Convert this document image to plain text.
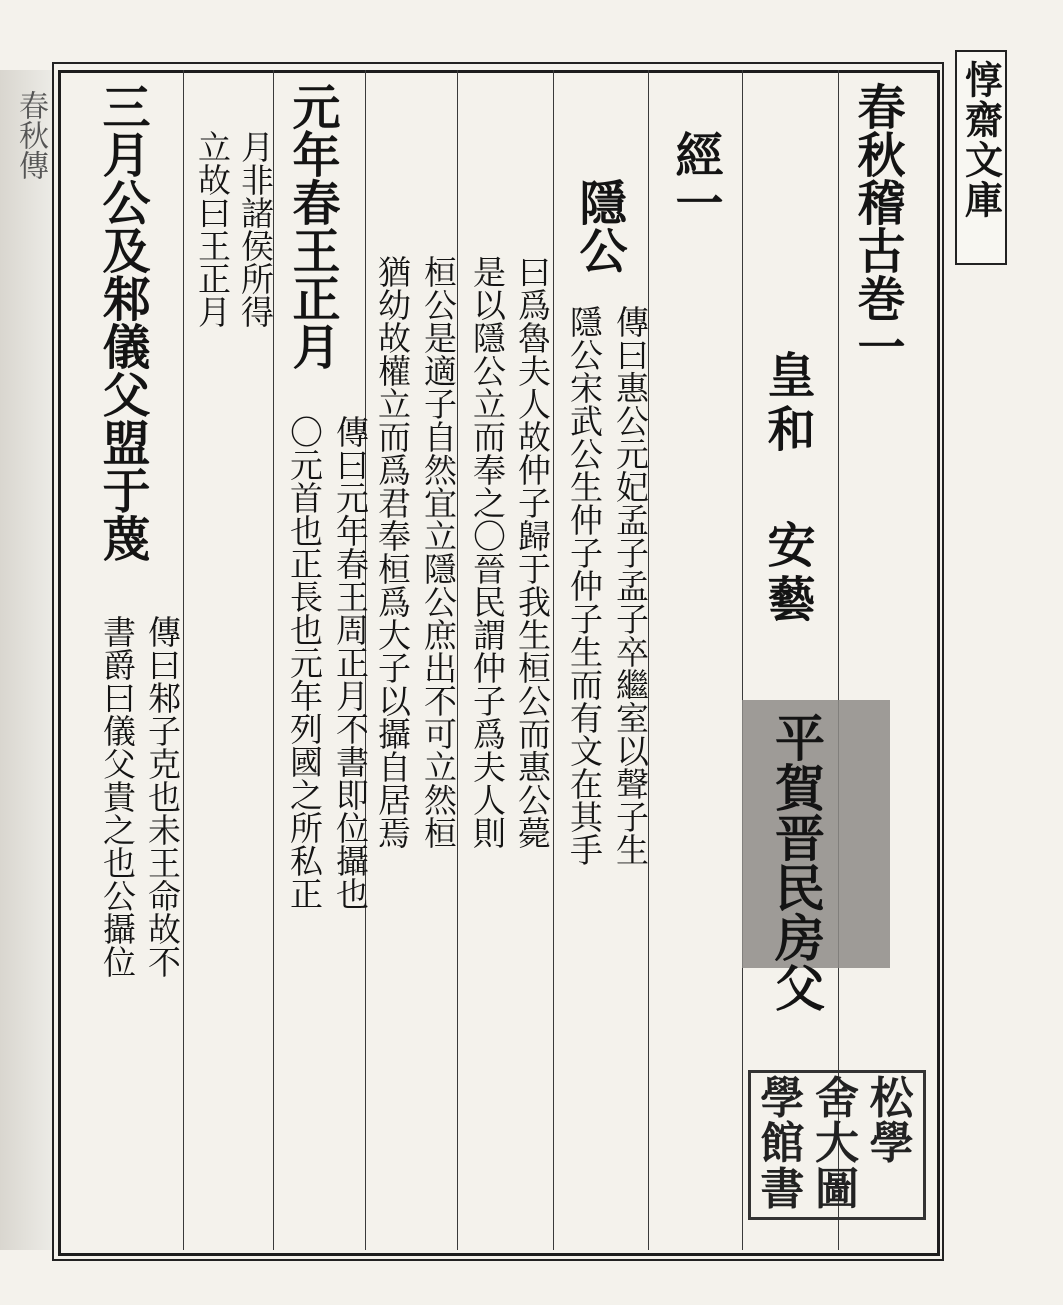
春秋傳	惇齋文庫
春秋稽古巻一
皇和 安藝
平賀晋民房父
經一
隱公
傳曰惠公元妃孟子孟子卒繼室以聲子生
隱公宋武公生仲子仲子生而有文在其手
曰爲魯夫人故仲子歸于我生桓公而惠公薨
是以隱公立而奉之〇晉民謂仲子爲夫人則
桓公是適子自然宜立隱公庶出不可立然桓
猶幼故權立而爲君奉桓爲大子以攝自居焉
元年春王正月
傳曰元年春王周正月不書即位攝也
〇元首也正長也元年列國之所私正
月非諸侯所得
立故曰王正月
三月公及邾儀父盟于蔑
傳曰邾子克也未王命故不
書爵曰儀父貴之也公攝位
學 舍 松
館 大 學
書 圖
